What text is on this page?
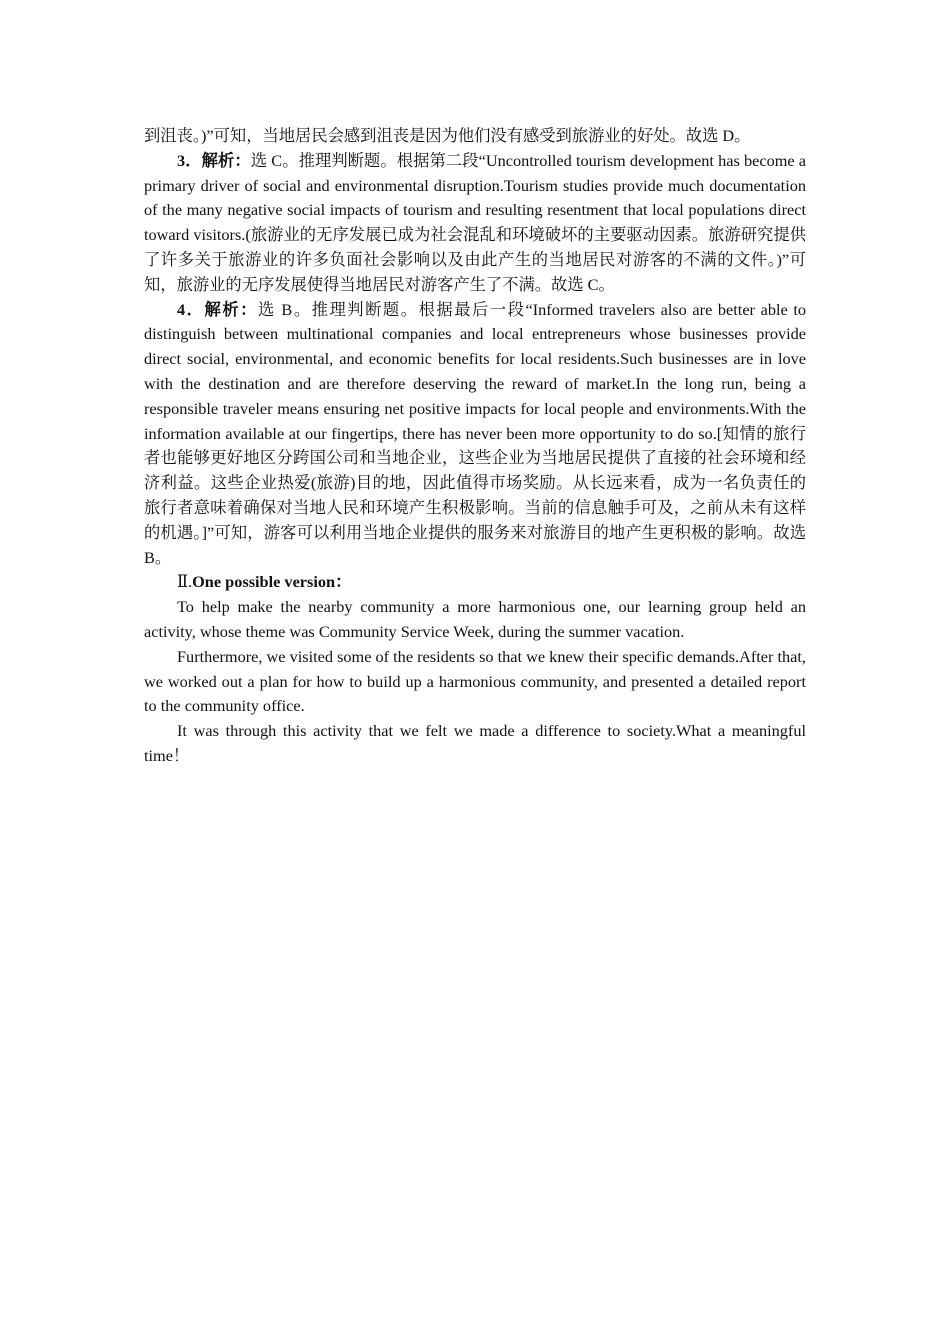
到沮丧。)”可知，当地居民会感到沮丧是因为他们没有感受到旅游业的好处。故选 D。

3．解析：选 C。推理判断题。根据第二段“Uncontrolled tourism development has become a primary driver of social and environmental disruption.Tourism studies provide much documentation of the many negative social impacts of tourism and resulting resentment that local populations direct toward visitors.(旅游业的无序发展已成为社会混乱和环境破坏的主要驱动因素。旅游研究提供了许多关于旅游业的许多负面社会影响以及由此产生的当地居民对游客的不满的文件。)”可知，旅游业的无序发展使得当地居民对游客产生了不满。故选 C。

4．解析：选 B。推理判断题。根据最后一段“Informed travelers also are better able to distinguish between multinational companies and local entrepreneurs whose businesses provide direct social, environmental, and economic benefits for local residents.Such businesses are in love with the destination and are therefore deserving the reward of market.In the long run, being a responsible traveler means ensuring net positive impacts for local people and environments.With the information available at our fingertips, there has never been more opportunity to do so.[知情的旅行者也能够更好地区分跨国公司和当地企业，这些企业为当地居民提供了直接的社会环境和经济利益。这些企业热爱(旅游)目的地，因此值得市场奖励。从长远来看，成为一名负责任的旅行者意味着确保对当地人民和环境产生积极影响。当前的信息触手可及，之前从未有这样的机遇。]”可知，游客可以利用当地企业提供的服务来对旅游目的地产生更积极的影响。故选 B。

Ⅱ.One possible version：

To help make the nearby community a more harmonious one, our learning group held an activity, whose theme was Community Service Week, during the summer vacation.

Furthermore, we visited some of the residents so that we knew their specific demands.After that, we worked out a plan for how to build up a harmonious community, and presented a detailed report to the community office.

It was through this activity that we felt we made a difference to society.What a meaningful time！
